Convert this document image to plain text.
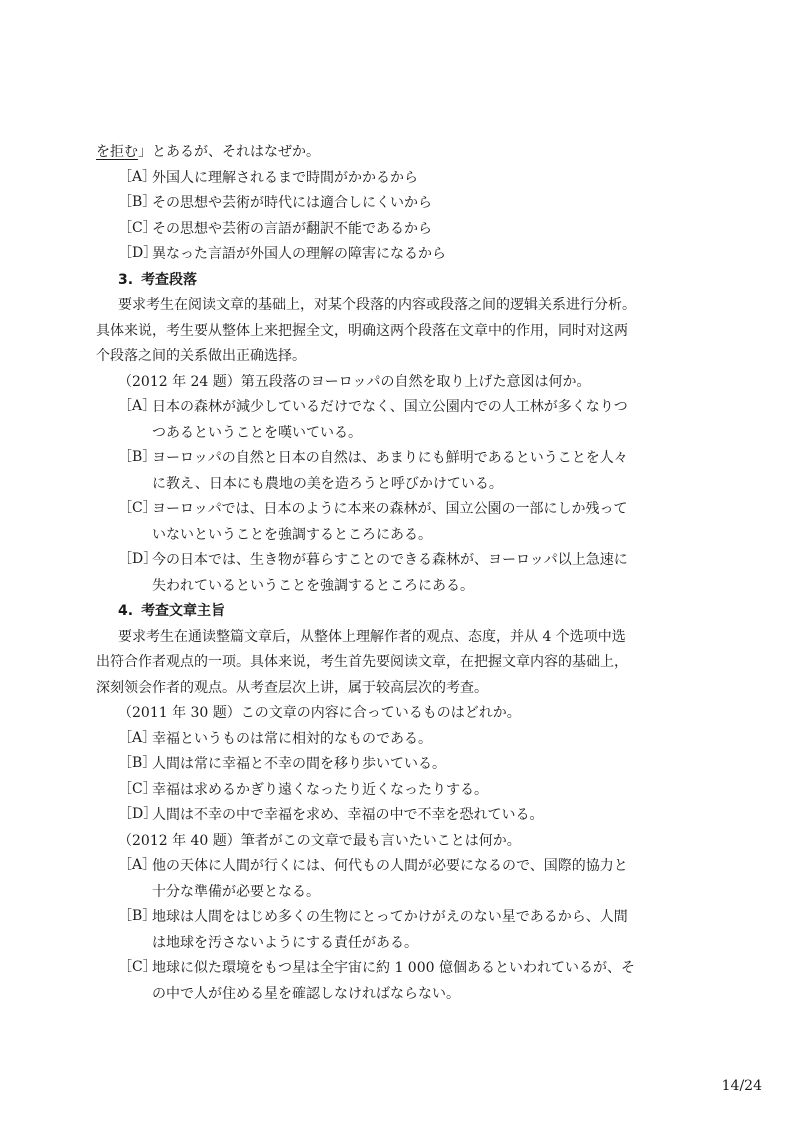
を拒む 」とあるが、それはなぜか。
［A］
外国人に理解されるまで時間がかかるから
［B］
その思想や芸術が時代には適合しにくいから
［C］
その思想や芸術の言語が翻訳不能であるから
［D］
異なった言語が外国人の理解の障害になるから
3. 考查段落
要求考生在阅读文章的基础上，对某个段落的内容或段落之间的逻辑关系进行分析。
具体来说，考生要从整体上来把握全文，明确这两个段落在文章中的作用，同时对这两
个段落之间的关系做出正确选择。
（2012 年 24 题）第五段落のヨーロッパの自然を取り上げた意図は何か。
［A］
日本の森林が減少しているだけでなく、国立公園内での人工林が多くなりつ
つあるということを嘆いている。
［B］
ヨーロッパの自然と日本の自然は、あまりにも鮮明であるということを人々
に教え、日本にも農地の美を造ろうと呼びかけている。
［C］
ヨーロッパでは、日本のように本来の森林が、国立公園の一部にしか残って
いないということを強調するところにある。
［D］
今の日本では、生き物が暮らすことのできる森林が、ヨーロッパ以上急速に
失われているということを強調するところにある。
4. 考查文章主旨
要求考生在通读整篇文章后，从整体上理解作者的观点、态度，并从 4 个选项中选
出符合作者观点的一项。具体来说，考生首先要阅读文章，在把握文章内容的基础上，
深刻领会作者的观点。从考查层次上讲，属于较高层次的考查。
（2011 年 30 题）この文章の内容に合っているものはどれか。
［A］
幸福というものは常に相対的なものである。
［B］
人間は常に幸福と不幸の間を移り歩いている。
［C］
幸福は求めるかぎり遠くなったり近くなったりする。
［D］
人間は不幸の中で幸福を求め、幸福の中で不幸を恐れている。
（2012 年 40 题）筆者がこの文章で最も言いたいことは何か。
［A］
他の天体に人間が行くには、何代もの人間が必要になるので、国際的協力と
十分な準備が必要となる。
［B］
地球は人間をはじめ多くの生物にとってかけがえのない星であるから、人間
は地球を汚さないようにする責任がある。
［C］
地球に似た環境をもつ星は全宇宙に約 1 000 億個あるといわれているが、そ
の中で人が住める星を確認しなければならない。
14/24
